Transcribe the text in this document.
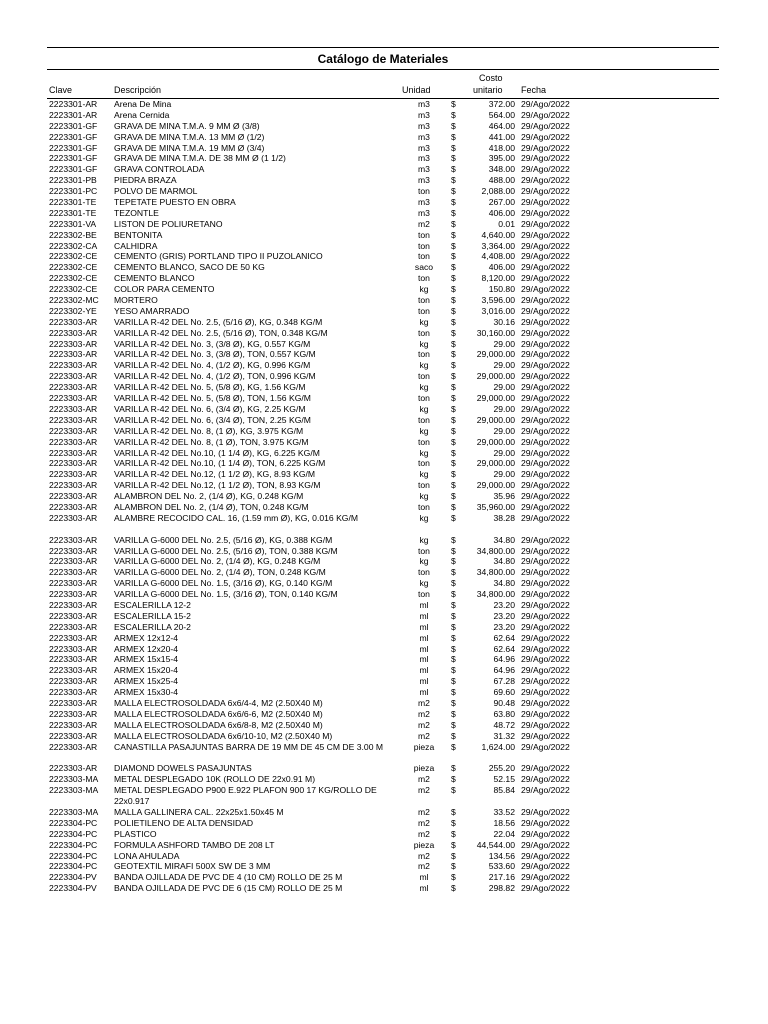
Catálogo de Materiales
Clave	Descripción	Unidad
Costo
unitario Fecha
2223301-AR	Arena De Mina	m3	$	372.00 29/Ago/2022
2223301-AR	Arena Cernida	m3	$	564.00 29/Ago/2022
2223301-GF	GRAVA DE MINA T.M.A. 9 MM Ø (3/8)	m3	$	464.00 29/Ago/2022
2223301-GF	GRAVA DE MINA T.M.A. 13 MM Ø (1/2)	m3	$	441.00 29/Ago/2022
2223301-GF	GRAVA DE MINA T.M.A. 19 MM Ø (3/4)	m3	$	418.00 29/Ago/2022
2223301-GF	GRAVA DE MINA T.M.A. DE 38 MM Ø (1 1/2)	m3	$	395.00 29/Ago/2022
2223301-GF	GRAVA CONTROLADA	m3	$	348.00 29/Ago/2022
2223301-PB	PIEDRA BRAZA	m3	$	488.00 29/Ago/2022
2223301-PC	POLVO DE MARMOL	ton	$	2,088.00 29/Ago/2022
2223301-TE	TEPETATE PUESTO EN OBRA	m3	$	267.00 29/Ago/2022
2223301-TE	TEZONTLE	m3	$	406.00 29/Ago/2022
2223301-VA	LISTON DE POLIURETANO	m2	$	0.01 29/Ago/2022
2223302-BE	BENTONITA	ton	$	4,640.00 29/Ago/2022
2223302-CA	CALHIDRA	ton	$	3,364.00 29/Ago/2022
2223302-CE	CEMENTO (GRIS) PORTLAND TIPO II PUZOLANICO	ton	$	4,408.00 29/Ago/2022
2223302-CE	CEMENTO BLANCO, SACO DE 50 KG	saco	$	406.00 29/Ago/2022
2223302-CE	CEMENTO BLANCO	ton	$	8,120.00 29/Ago/2022
2223302-CE	COLOR PARA CEMENTO	kg	$	150.80 29/Ago/2022
2223302-MC	MORTERO	ton	$	3,596.00 29/Ago/2022
2223302-YE	YESO AMARRADO	ton	$	3,016.00 29/Ago/2022
2223303-AR	VARILLA R-42 DEL No. 2.5, (5/16 Ø), KG, 0.348 KG/M	kg	$	30.16 29/Ago/2022
2223303-AR	VARILLA R-42 DEL No. 2.5, (5/16 Ø), TON, 0.348 KG/M	ton	$	30,160.00 29/Ago/2022
2223303-AR	VARILLA R-42 DEL No. 3, (3/8 Ø), KG, 0.557 KG/M	kg	$	29.00 29/Ago/2022
2223303-AR	VARILLA R-42 DEL No. 3, (3/8 Ø), TON, 0.557 KG/M	ton	$	29,000.00 29/Ago/2022
2223303-AR	VARILLA R-42 DEL No. 4, (1/2 Ø), KG, 0.996 KG/M	kg	$	29.00 29/Ago/2022
2223303-AR	VARILLA R-42 DEL No. 4, (1/2 Ø), TON, 0.996 KG/M	ton	$	29,000.00 29/Ago/2022
2223303-AR	VARILLA R-42 DEL No. 5, (5/8 Ø), KG, 1.56 KG/M	kg	$	29.00 29/Ago/2022
2223303-AR	VARILLA R-42 DEL No. 5, (5/8 Ø), TON, 1.56 KG/M	ton	$	29,000.00 29/Ago/2022
2223303-AR	VARILLA R-42 DEL No. 6, (3/4 Ø), KG, 2.25 KG/M	kg	$	29.00 29/Ago/2022
2223303-AR	VARILLA R-42 DEL No. 6, (3/4 Ø), TON, 2.25 KG/M	ton	$	29,000.00 29/Ago/2022
2223303-AR	VARILLA R-42 DEL No. 8, (1 Ø), KG, 3.975 KG/M	kg	$	29.00 29/Ago/2022
2223303-AR	VARILLA R-42 DEL No. 8, (1 Ø), TON, 3.975 KG/M	ton	$	29,000.00 29/Ago/2022
2223303-AR	VARILLA R-42 DEL No.10, (1 1/4 Ø), KG, 6.225 KG/M	kg	$	29.00 29/Ago/2022
2223303-AR	VARILLA R-42 DEL No.10, (1 1/4 Ø), TON, 6.225 KG/M	ton	$	29,000.00 29/Ago/2022
2223303-AR	VARILLA R-42 DEL No.12, (1 1/2 Ø), KG, 8.93 KG/M	kg	$	29.00 29/Ago/2022
2223303-AR	VARILLA R-42 DEL No.12, (1 1/2 Ø), TON, 8.93 KG/M	ton	$	29,000.00 29/Ago/2022
2223303-AR	ALAMBRON DEL No. 2, (1/4 Ø), KG, 0.248 KG/M	kg	$	35.96 29/Ago/2022
2223303-AR	ALAMBRON DEL No. 2, (1/4 Ø), TON, 0.248 KG/M	ton	$	35,960.00 29/Ago/2022
2223303-AR	ALAMBRE RECOCIDO CAL. 16, (1.59 mm Ø), KG, 0.016 KG/M	kg	$	38.28 29/Ago/2022
2223303-AR	VARILLA G-6000 DEL No. 2.5, (5/16 Ø), KG, 0.388 KG/M	kg	$	34.80 29/Ago/2022
2223303-AR	VARILLA G-6000 DEL No. 2.5, (5/16 Ø), TON, 0.388 KG/M	ton	$	34,800.00 29/Ago/2022
2223303-AR	VARILLA G-6000 DEL No. 2, (1/4 Ø), KG, 0.248 KG/M	kg	$	34.80 29/Ago/2022
2223303-AR	VARILLA G-6000 DEL No. 2, (1/4 Ø), TON, 0.248 KG/M	ton	$	34,800.00 29/Ago/2022
2223303-AR	VARILLA G-6000 DEL No. 1.5, (3/16 Ø), KG, 0.140 KG/M	kg	$	34.80 29/Ago/2022
2223303-AR	VARILLA G-6000 DEL No. 1.5, (3/16 Ø), TON, 0.140 KG/M	ton	$	34,800.00 29/Ago/2022
2223303-AR	ESCALERILLA 12-2	ml	$	23.20 29/Ago/2022
2223303-AR	ESCALERILLA 15-2	ml	$	23.20 29/Ago/2022
2223303-AR	ESCALERILLA 20-2	ml	$	23.20 29/Ago/2022
2223303-AR	ARMEX 12x12-4	ml	$	62.64 29/Ago/2022
2223303-AR	ARMEX 12x20-4	ml	$	62.64 29/Ago/2022
2223303-AR	ARMEX 15x15-4	ml	$	64.96 29/Ago/2022
2223303-AR	ARMEX 15x20-4	ml	$	64.96 29/Ago/2022
2223303-AR	ARMEX 15x25-4	ml	$	67.28 29/Ago/2022
2223303-AR	ARMEX 15x30-4	ml	$	69.60 29/Ago/2022
2223303-AR	MALLA ELECTROSOLDADA 6x6/4-4, M2 (2.50X40 M)	m2	$	90.48 29/Ago/2022
2223303-AR	MALLA ELECTROSOLDADA 6x6/6-6, M2 (2.50X40 M)	m2	$	63.80 29/Ago/2022
2223303-AR	MALLA ELECTROSOLDADA 6x6/8-8, M2 (2.50X40 M)	m2	$	48.72 29/Ago/2022
2223303-AR	MALLA ELECTROSOLDADA 6x6/10-10, M2 (2.50X40 M)	m2	$	31.32 29/Ago/2022
2223303-AR	CANASTILLA PASAJUNTAS BARRA DE 19 MM DE 45 CM DE 3.00 M	pieza	$	1,624.00 29/Ago/2022
2223303-AR	DIAMOND DOWELS PASAJUNTAS	pieza	$	255.20 29/Ago/2022
2223303-MA	METAL DESPLEGADO 10K (ROLLO DE 22x0.91 M)	m2	$	52.15 29/Ago/2022
2223303-MA	METAL DESPLEGADO P900 E.922 PLAFON 900 17 KG/ROLLO DE 22x0.917
m2	$	85.84 29/Ago/2022
2223303-MA	MALLA GALLINERA CAL. 22x25x1.50x45 M	m2	$	33.52 29/Ago/2022
2223304-PC	POLIETILENO DE ALTA DENSIDAD	m2	$	18.56 29/Ago/2022
2223304-PC	PLASTICO	m2	$	22.04 29/Ago/2022
2223304-PC	FORMULA ASHFORD TAMBO DE 208 LT	pieza	$	44,544.00 29/Ago/2022
2223304-PC	LONA AHULADA	m2	$	134.56 29/Ago/2022
2223304-PC	GEOTEXTIL MIRAFI 500X SW DE 3 MM	m2	$	533.60 29/Ago/2022
2223304-PV	BANDA OJILLADA DE PVC DE 4 (10 CM) ROLLO DE 25 M	ml	$	217.16 29/Ago/2022
2223304-PV	BANDA OJILLADA DE PVC DE 6 (15 CM) ROLLO DE 25 M	ml	$	298.82 29/Ago/2022
